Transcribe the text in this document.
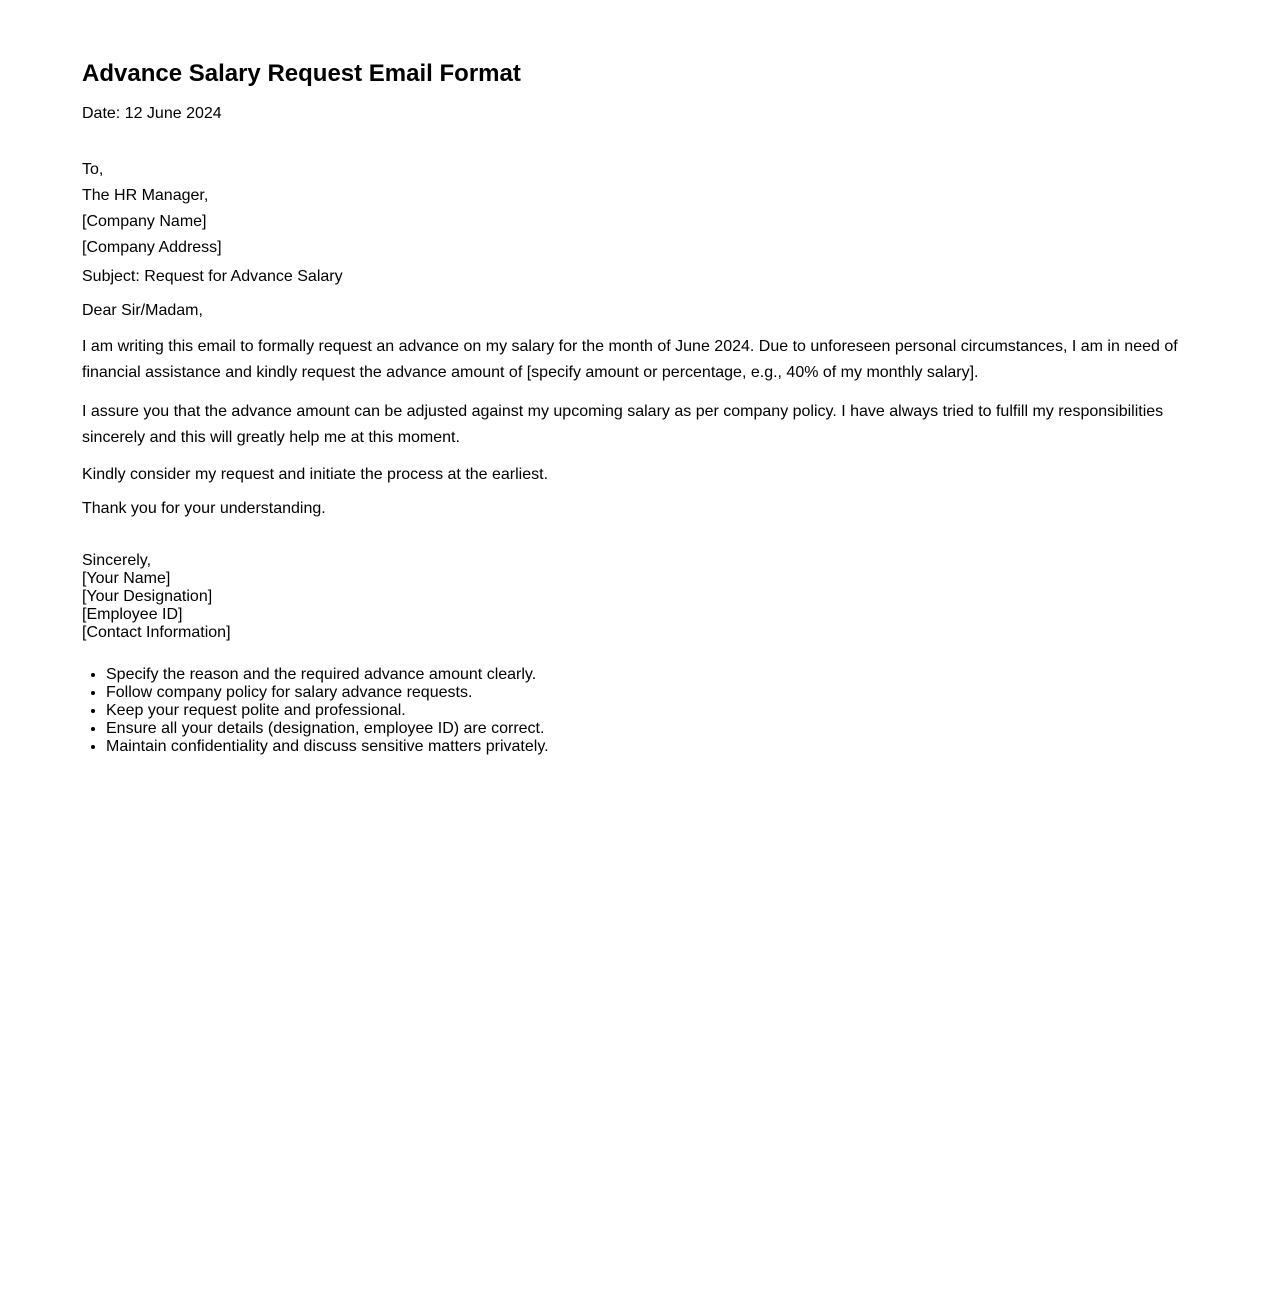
Advance Salary Request Email Format
Date: 12 June 2024
To,
The HR Manager,
[Company Name]
[Company Address]
Subject: Request for Advance Salary
Dear Sir/Madam,
I am writing this email to formally request an advance on my salary for the month of June 2024. Due to unforeseen personal circumstances, I am in need of financial assistance and kindly request the advance amount of [specify amount or percentage, e.g., 40% of my monthly salary].
I assure you that the advance amount can be adjusted against my upcoming salary as per company policy. I have always tried to fulfill my responsibilities sincerely and this will greatly help me at this moment.
Kindly consider my request and initiate the process at the earliest.
Thank you for your understanding.
Sincerely,
[Your Name]
[Your Designation]
[Employee ID]
[Contact Information]
• Specify the reason and the required advance amount clearly.
• Follow company policy for salary advance requests.
• Keep your request polite and professional.
• Ensure all your details (designation, employee ID) are correct.
• Maintain confidentiality and discuss sensitive matters privately.
